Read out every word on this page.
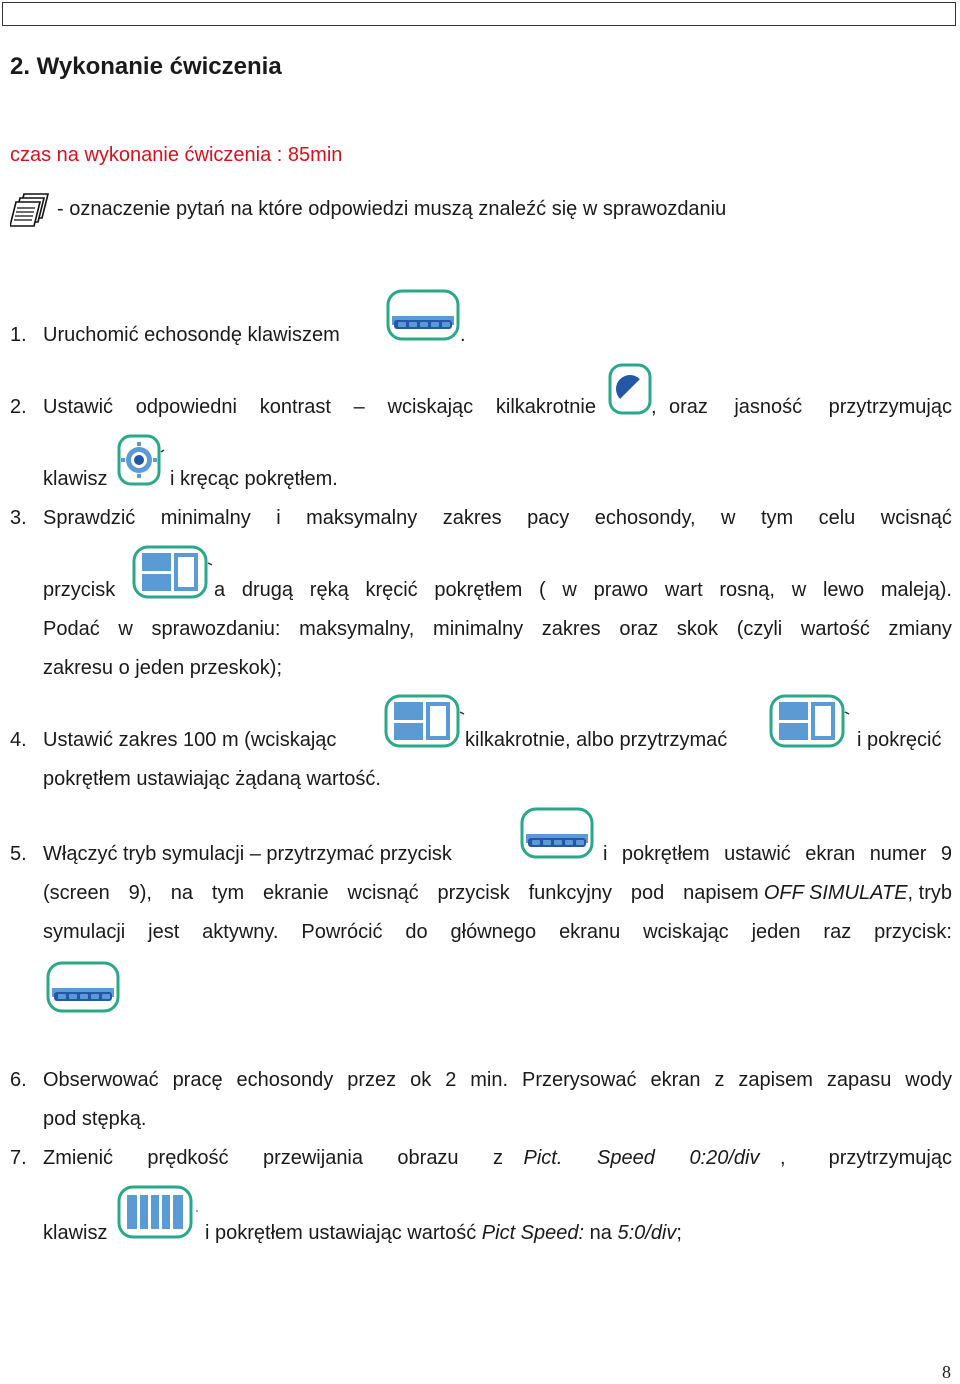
2. Wykonanie ćwiczenia
czas na wykonanie ćwiczenia : 85min
- oznaczenie pytań na które odpowiedzi muszą znaleźć się w sprawozdaniu
1. Uruchomić echosondę klawiszem	.
2. Ustawić odpowiedni kontrast – wciskając kilkakrotnie	, oraz jasność przytrzymując
klawisz	i kręcąc pokrętłem.
3. Sprawdzić minimalny i maksymalny zakres pacy echosondy, w tym celu wcisnąć
przycisk	a drugą ręką kręcić pokrętłem ( w prawo wart rosną, w lewo maleją).
Podać w sprawozdaniu: maksymalny, minimalny zakres oraz skok (czyli wartość zmiany
zakresu o jeden przeskok);
4. Ustawić zakres 100 m (wciskając	kilkakrotnie, albo przytrzymać	i pokręcić
pokrętłem ustawiając żądaną wartość.
5. Włączyć tryb symulacji – przytrzymać przycisk	i pokrętłem ustawić ekran numer 9
(screen 9), na tym ekranie wcisnąć przycisk funkcyjny pod napisem OFF SIMULATE , tryb
symulacji jest aktywny. Powrócić do głównego ekranu wciskając jeden raz przycisk:
6. Obserwować pracę echosondy przez ok 2 min. Przerysować ekran z zapisem zapasu wody
pod stępką.
7. Zmienić prędkość przewijania obrazu z Pict. Speed 0:20/div , przytrzymując
klawisz	i pokrętłem ustawiając wartość Pict Speed: na 5:0/div;
8
